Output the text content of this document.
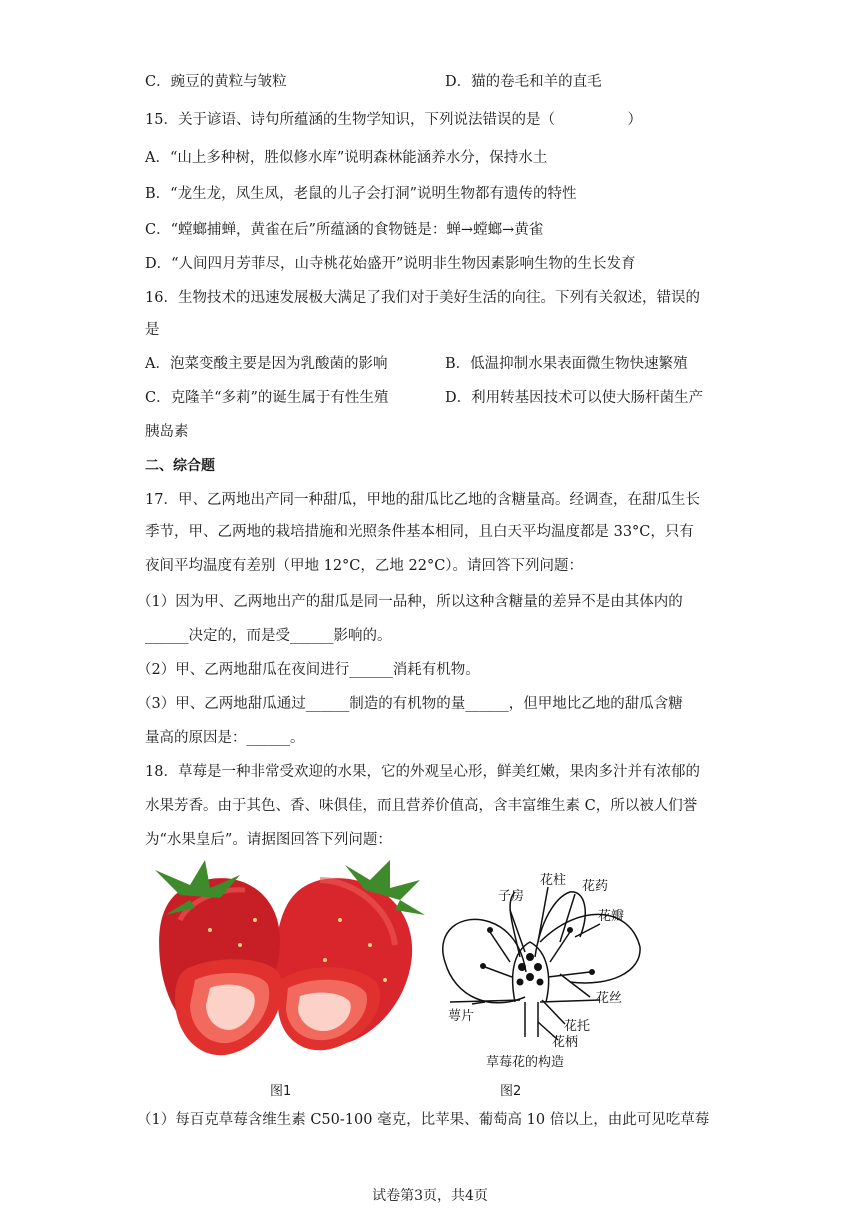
C．豌豆的黄粒与皱粒	D．猫的卷毛和羊的直毛
15．关于谚语、诗句所蕴涵的生物学知识，下列说法错误的是（　　　　　）
A．“山上多种树，胜似修水库”说明森林能涵养水分，保持水土
B．“龙生龙，凤生凤，老鼠的儿子会打洞”说明生物都有遗传的特性
C．“螳螂捕蝉，黄雀在后”所蕴涵的食物链是：蝉→螳螂→黄雀
D．“人间四月芳菲尽，山寺桃花始盛开”说明非生物因素影响生物的生长发育
16．生物技术的迅速发展极大满足了我们对于美好生活的向往。下列有关叙述，错误的
是
A．泡菜变酸主要是因为乳酸菌的影响	B．低温抑制水果表面微生物快速繁殖
C．克隆羊“多莉”的诞生属于有性生殖	D．利用转基因技术可以使大肠杆菌生产
胰岛素
二、综合题
17．甲、乙两地出产同一种甜瓜，甲地的甜瓜比乙地的含糖量高。经调查，在甜瓜生长
季节，甲、乙两地的栽培措施和光照条件基本相同，且白天平均温度都是 33°C，只有
夜间平均温度有差别（甲地 12°C，乙地 22°C）。请回答下列问题：
（1）因为甲、乙两地出产的甜瓜是同一品种，所以这种含糖量的差异不是由其体内的
______决定的，而是受______影响的。
（2）甲、乙两地甜瓜在夜间进行______消耗有机物。
（3）甲、乙两地甜瓜通过______制造的有机物的量______，但甲地比乙地的甜瓜含糖
量高的原因是：______。
18．草莓是一种非常受欢迎的水果，它的外观呈心形，鲜美红嫩，果肉多汁并有浓郁的
水果芳香。由于其色、香、味俱佳，而且营养价值高，含丰富维生素 C，所以被人们誉
为“水果皇后”。请据图回答下列问题：
图1
花柱 花药
子房
花瓣
花丝
萼片
花托
花柄
草莓花的构造
图2
（1）每百克草莓含维生素 C50-100 毫克，比苹果、葡萄高 10 倍以上，由此可见吃草莓
试卷第3页，共4页
